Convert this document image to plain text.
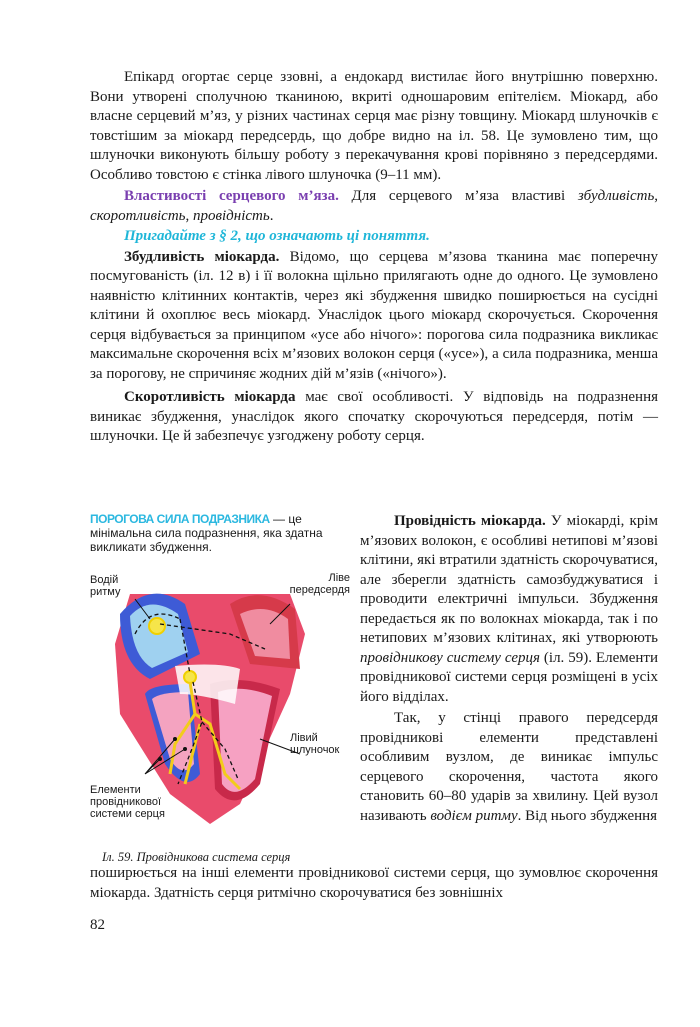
Епікард огортає серце ззовні, а ендокард вистилає його внутрішню поверхню. Вони утворені сполучною тканиною, вкриті одношаровим епітелієм. Міокард, або власне серцевий м’яз, у різних частинах серця має різну товщину. Міокард шлуночків є товстішим за міокард передсердь, що добре видно на іл. 58. Це зумовлено тим, що шлуночки виконують більшу роботу з перекачування крові порівняно з передсердями. Особливо товстою є стінка лівого шлуночка (9–11 мм).

Властивості серцевого м’яза. Для серцевого м’яза властиві збудливість, скоротливість, провідність.

Пригадайте з § 2, що означають ці поняття.

Збудливість міокарда. Відомо, що серцева м’язова тканина має поперечну посмугованість (іл. 12 в) і її волокна щільно прилягають одне до одного. Це зумовлено наявністю клітинних контактів, через які збудження швидко поширюється на сусідні клітини й охоплює весь міокард. Унаслідок цього міокард скорочується. Скорочення серця відбувається за принципом «усе або нічого»: порогова сила подразника викликає максимальне скорочення всіх м’язових волокон серця («усе»), а сила подразника, менша за порогову, не спричиняє жодних дій м’язів («нічого»).

Скоротливість міокарда має свої особливості. У відповідь на подразнення виникає збудження, унаслідок якого спочатку скорочуються передсердя, потім — шлуночки. Це й забезпечує узгоджену роботу серця.

ПОРОГОВА СИЛА ПОДРАЗНИКА — це мінімальна сила подразнення, яка здатна викликати збудження.
Водій ритму
Ліве передсердя
Лівий шлуночок
Елементи провідникової системи серця
Іл. 59. Провідникова система серця

Провідність міокарда. У міокарді, крім м’язових волокон, є особливі нетипові м’язові клітини, які втратили здатність скорочуватися, але зберегли здатність самозбуджуватися і проводити електричні імпульси. Збудження передається як по волокнах міокарда, так і по нетипових м’язових клітинах, які утворюють провідникову систему серця (іл. 59). Елементи провідникової системи серця розміщені в усіх його відділах.

Так, у стінці правого передсердя провідникові елементи представлені особливим вузлом, де виникає імпульс серцевого скорочення, частота якого становить 60–80 ударів за хвилину. Цей вузол називають водієм ритму. Від нього збудження

поширюється на інші елементи провідникової системи серця, що зумовлює скорочення міокарда. Здатність серця ритмічно скорочуватися без зовнішніх

82
